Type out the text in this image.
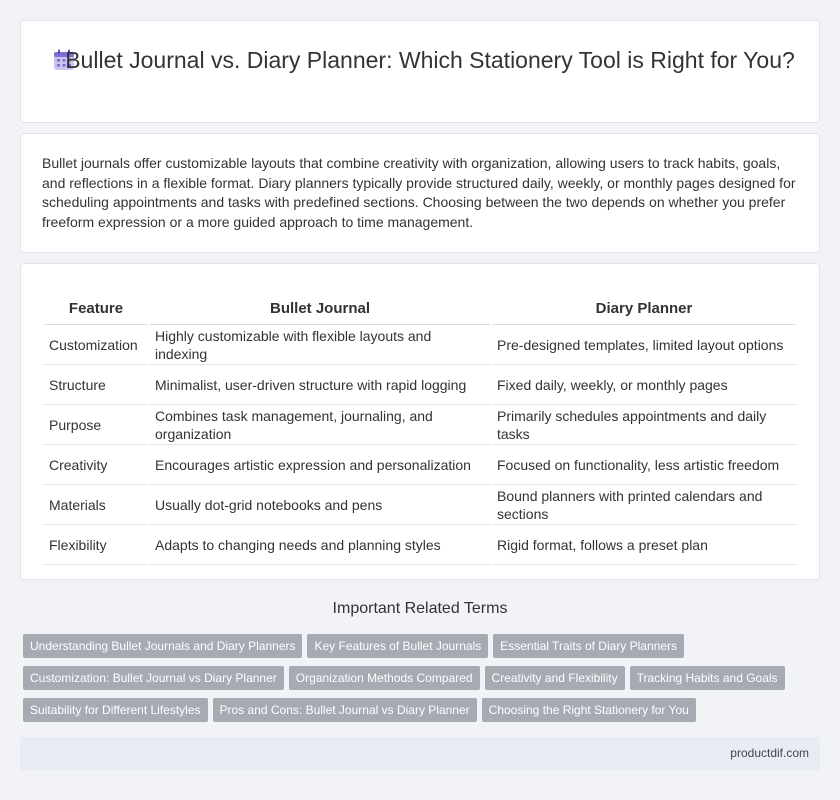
Bullet Journal vs. Diary Planner: Which Stationery Tool is Right for You?

Bullet journals offer customizable layouts that combine creativity with organization, allowing users to track habits, goals, and reflections in a flexible format. Diary planners typically provide structured daily, weekly, or monthly pages designed for scheduling appointments and tasks with predefined sections. Choosing between the two depends on whether you prefer freeform expression or a more guided approach to time management.

Feature	Bullet Journal	Diary Planner
Customization	Highly customizable with flexible layouts and indexing	Pre-designed templates, limited layout options
Structure	Minimalist, user-driven structure with rapid logging	Fixed daily, weekly, or monthly pages
Purpose	Combines task management, journaling, and organization	Primarily schedules appointments and daily tasks
Creativity	Encourages artistic expression and personalization	Focused on functionality, less artistic freedom
Materials	Usually dot-grid notebooks and pens	Bound planners with printed calendars and sections
Flexibility	Adapts to changing needs and planning styles	Rigid format, follows a preset plan
Important Related Terms
Understanding Bullet Journals and Diary Planners Key Features of Bullet Journals Essential Traits of Diary Planners
Customization: Bullet Journal vs Diary Planner Organization Methods Compared Creativity and Flexibility Tracking Habits and Goals
Suitability for Different Lifestyles Pros and Cons: Bullet Journal vs Diary Planner Choosing the Right Stationery for You
productdif.com
